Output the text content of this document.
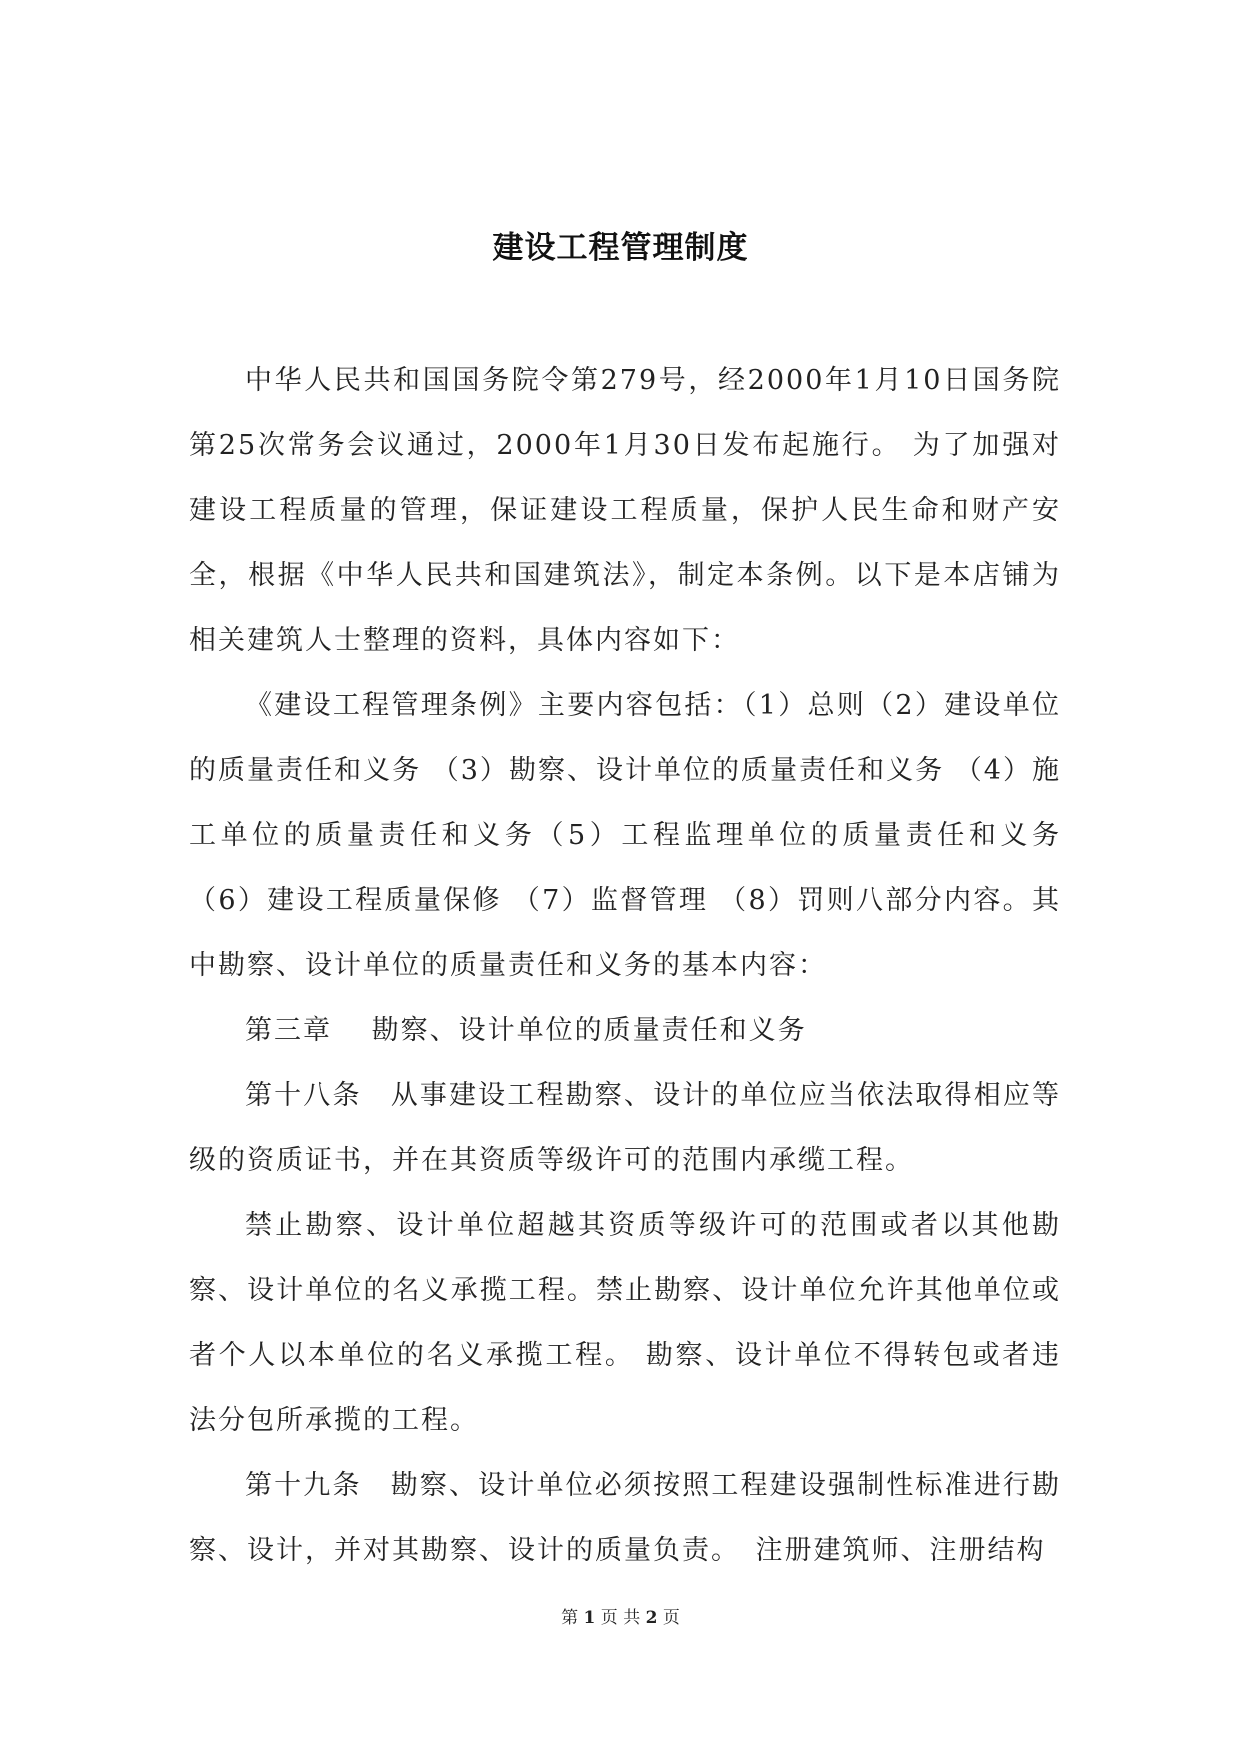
建设工程管理制度

中华人民共和国国务院令第279号，经2000年1月10日国务院第25次常务会议通过，2000年1月30日发布起施行。 为了加强对建设工程质量的管理，保证建设工程质量，保护人民生命和财产安全，根据《中华人民共和国建筑法》，制定本条例。以下是本店铺为相关建筑人士整理的资料，具体内容如下：

《建设工程管理条例》主要内容包括：（1）总则（2）建设单位的质量责任和义务 （3）勘察、设计单位的质量责任和义务 （4）施工单位的质量责任和义务（5）工程监理单位的质量责任和义务 （6）建设工程质量保修 （7）监督管理 （8）罚则八部分内容。其中勘察、设计单位的质量责任和义务的基本内容：

第三章　 勘察、设计单位的质量责任和义务

第十八条　从事建设工程勘察、设计的单位应当依法取得相应等级的资质证书，并在其资质等级许可的范围内承缆工程。

禁止勘察、设计单位超越其资质等级许可的范围或者以其他勘察、设计单位的名义承揽工程。禁止勘察、设计单位允许其他单位或者个人以本单位的名义承揽工程。 勘察、设计单位不得转包或者违法分包所承揽的工程。

第十九条　勘察、设计单位必须按照工程建设强制性标准进行勘察、设计，并对其勘察、设计的质量负责。　注册建筑师、注册结构

第 1 页 共 2 页
